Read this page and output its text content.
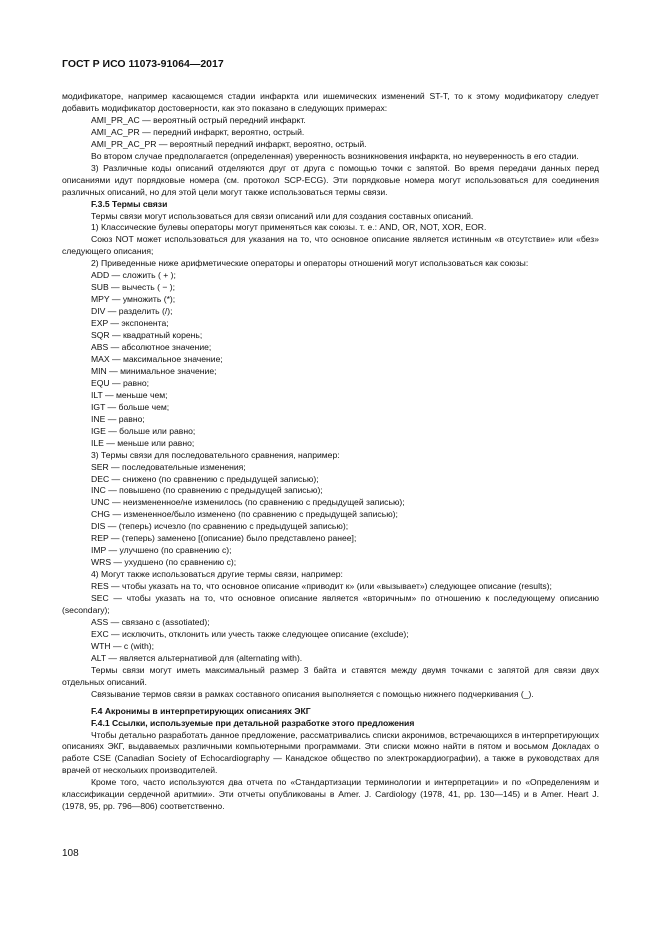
ГОСТ Р ИСО 11073-91064—2017

модификаторе, например касающемся стадии инфаркта или ишемических изменений ST-T, то к этому модификатору следует добавить модификатор достоверности, как это показано в следующих примерах:

AMI_PR_AC — вероятный острый передний инфаркт.

AMI_AC_PR — передний инфаркт, вероятно, острый.

AMI_PR_AC_PR — вероятный передний инфаркт, вероятно, острый.

Во втором случае предполагается (определенная) уверенность возникновения инфаркта, но неуверенность в его стадии.

3) Различные коды описаний отделяются друг от друга с помощью точки с запятой. Во время передачи данных перед описаниями идут порядковые номера (см. протокол SCP-ECG). Эти порядковые номера могут использоваться для соединения различных описаний, но для этой цели могут также использоваться термы связи.

F.3.5 Термы связи

Термы связи могут использоваться для связи описаний или для создания составных описаний.

1) Классические булевы операторы могут применяться как союзы. т. е.: AND, OR, NOT, XOR, EOR.

Союз NOT может использоваться для указания на то, что основное описание является истинным «в отсутствие» или «без» следующего описания;

2) Приведенные ниже арифметические операторы и операторы отношений могут использоваться как союзы:

ADD — сложить ( + );

SUB — вычесть ( − );

MPY — умножить (*);

DIV — разделить (/);

EXP — экспонента;

SQR — квадратный корень;

ABS — абсолютное значение;

MAX — максимальное значение;

MIN — минимальное значение;

EQU — равно;

ILT — меньше чем;

IGT — больше чем;

INE — равно;

IGE — больше или равно;

ILE — меньше или равно;

3) Термы связи для последовательного сравнения, например:

SER — последовательные изменения;

DEC — снижено (по сравнению с предыдущей записью);

INC — повышено (по сравнению с предыдущей записью);

UNC — неизмененное/не изменилось (по сравнению с предыдущей записью);

CHG — измененное/было изменено (по сравнению с предыдущей записью);

DIS — (теперь) исчезло (по сравнению с предыдущей записью);

REP — (теперь) заменено [(описание) было представлено ранее];

IMP — улучшено (по сравнению с);

WRS — ухудшено (по сравнению с);

4) Могут также использоваться другие термы связи, например:

RES — чтобы указать на то, что основное описание «приводит к» (или «вызывает») следующее описание (results);

SEC — чтобы указать на то, что основное описание является «вторичным» по отношению к последующему описанию (secondary);

ASS — связано с (assotiated);

EXC — исключить, отклонить или учесть также следующее описание (exclude);

WTH — с (with);

ALT — является альтернативой для (alternating with).

Термы связи могут иметь максимальный размер 3 байта и ставятся между двумя точками с запятой для связи двух отдельных описаний.

Связывание термов связи в рамках составного описания выполняется с помощью нижнего подчеркивания (_).

F.4 Акронимы в интерпретирующих описаниях ЭКГ

F.4.1 Ссылки, используемые при детальной разработке этого предложения

Чтобы детально разработать данное предложение, рассматривались списки акронимов, встречающихся в интерпретирующих описаниях ЭКГ, выдаваемых различными компьютерными программами. Эти списки можно найти в пятом и восьмом Докладах о работе CSE (Canadian Society of Echocardiography — Канадское общество по электрокардиографии), а также в руководствах для врачей от нескольких производителей.

Кроме того, часто используются два отчета по «Стандартизации терминологии и интерпретации» и по «Определениям и классификации сердечной аритмии». Эти отчеты опубликованы в Amer. J. Cardiology (1978, 41, pp. 130—145) и в Amer. Heart J. (1978, 95, pp. 796—806) соответственно.

108
